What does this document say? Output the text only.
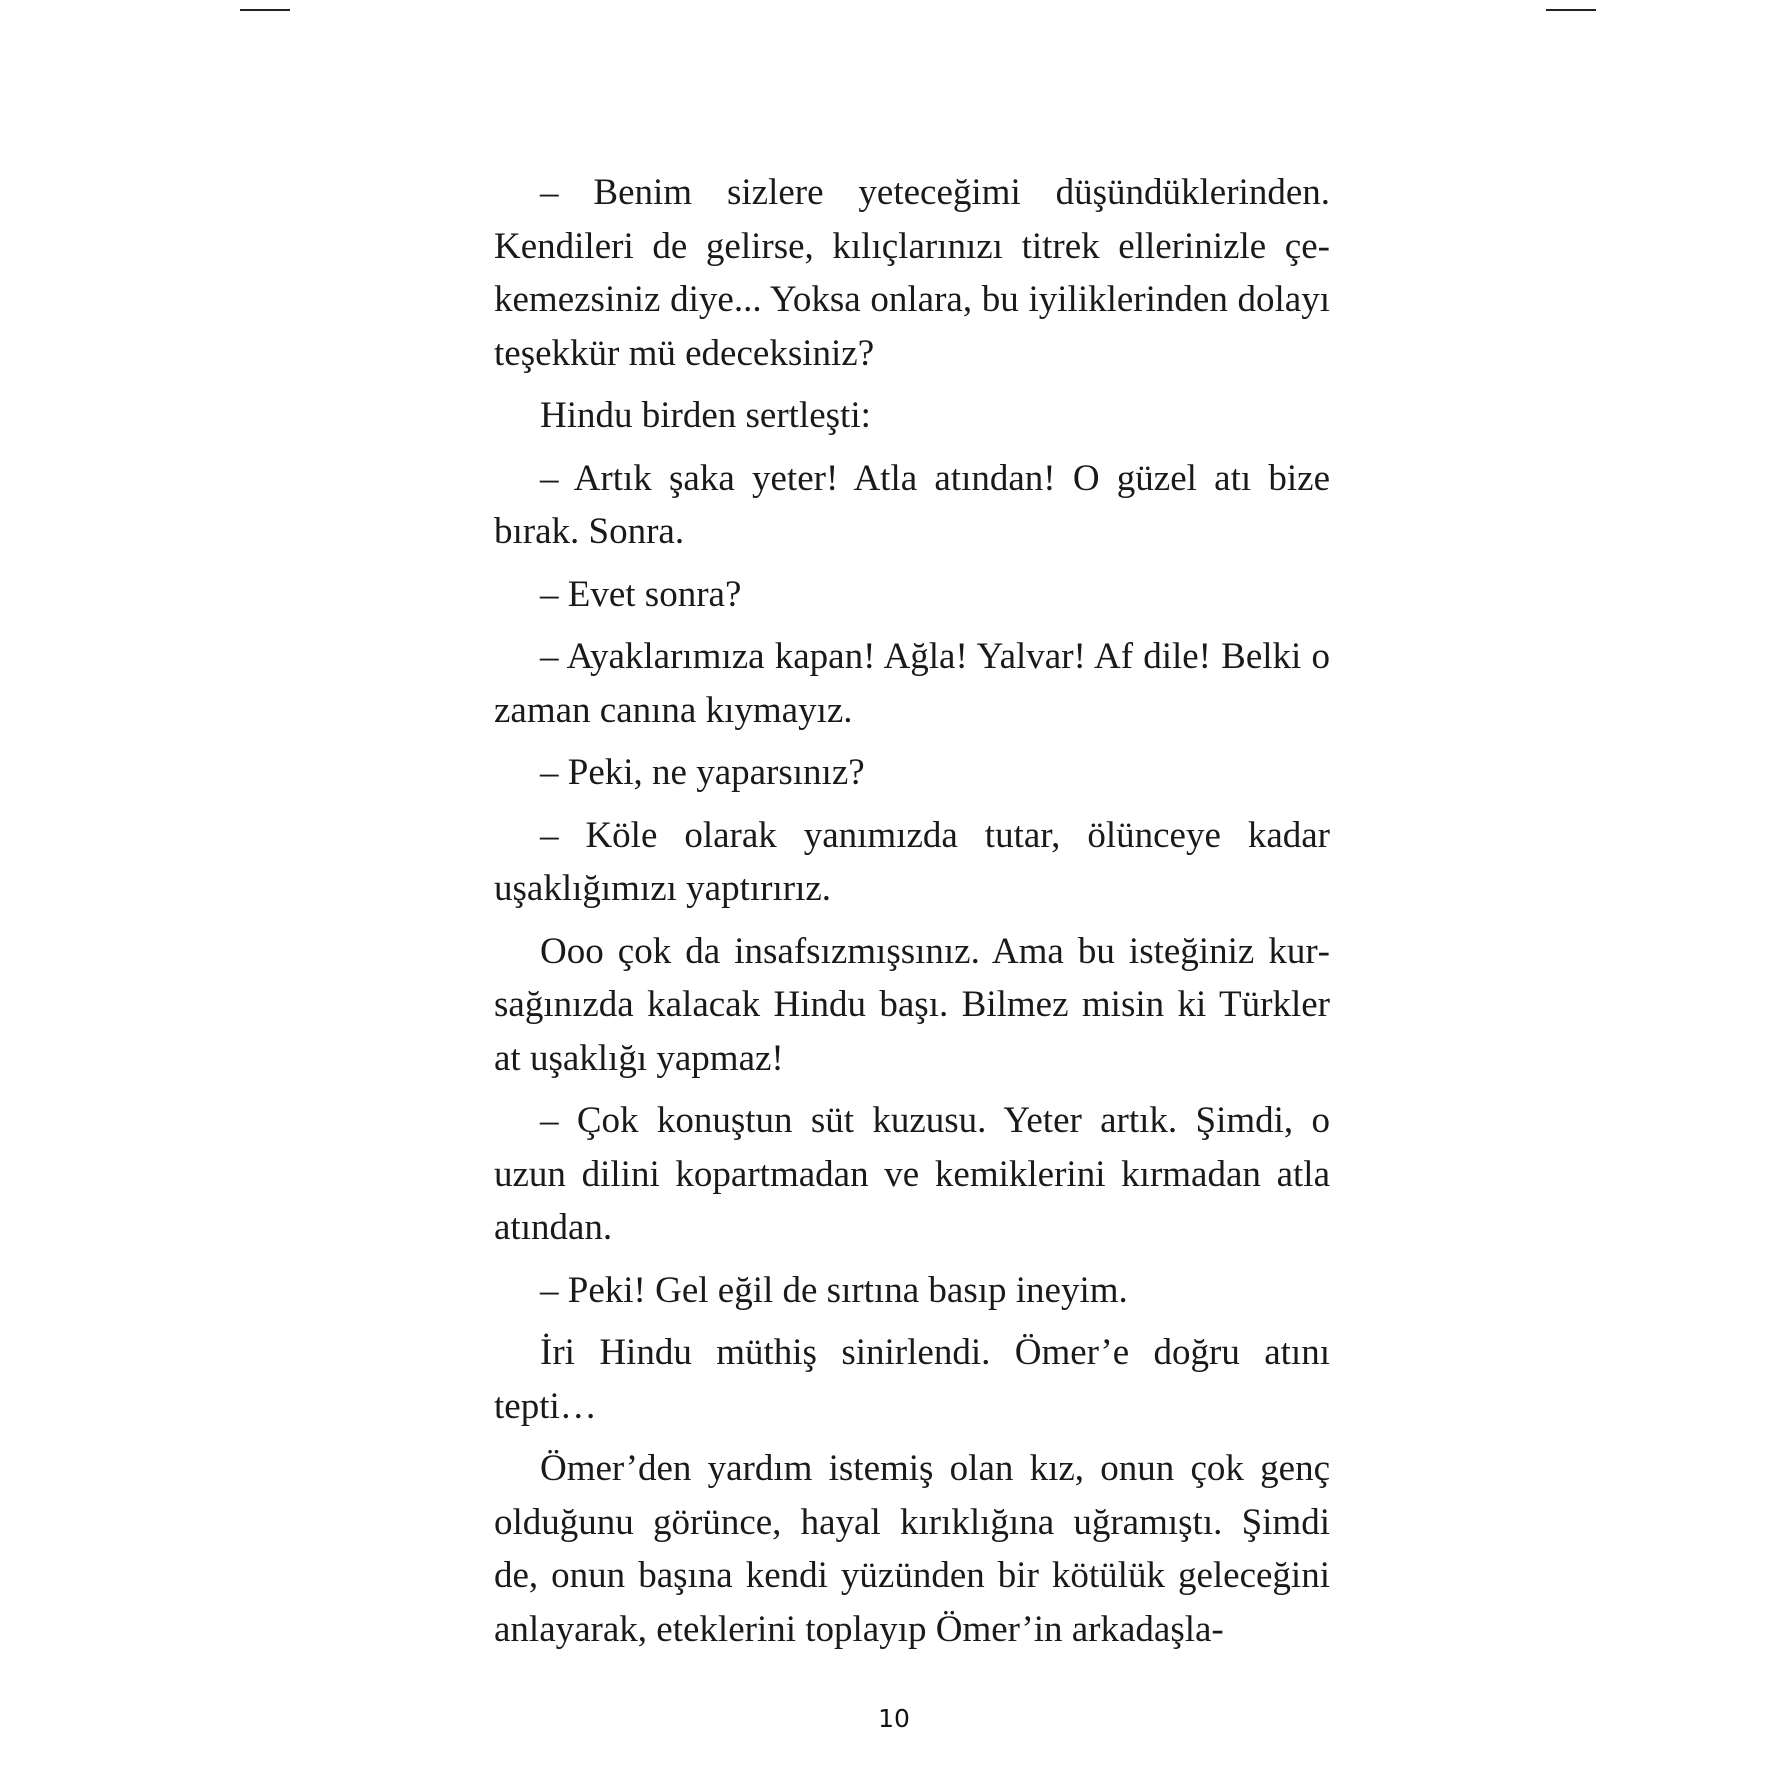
– Benim sizlere yeteceğimi düşündüklerinden. Kendileri de gelirse, kılıçlarınızı titrek ellerinizle çekemezsiniz diye... Yoksa onlara, bu iyiliklerinden dolayı teşekkür mü edeceksiniz?

Hindu birden sertleşti:

– Artık şaka yeter! Atla atından! O güzel atı bize bırak. Sonra.

– Evet sonra?

– Ayaklarımıza kapan! Ağla! Yalvar! Af dile! Belki o zaman canına kıymayız.

– Peki, ne yaparsınız?

– Köle olarak yanımızda tutar, ölünceye kadar uşaklığımızı yaptırırız.

Ooo çok da insafsızmışsınız. Ama bu isteğiniz kursağınızda kalacak Hindu başı. Bilmez misin ki Türkler at uşaklığı yapmaz!

– Çok konuştun süt kuzusu. Yeter artık. Şimdi, o uzun dilini kopartmadan ve kemiklerini kırmadan atla atından.

– Peki! Gel eğil de sırtına basıp ineyim.

İri Hindu müthiş sinirlendi. Ömer’e doğru atını tepti…

Ömer’den yardım istemiş olan kız, onun çok genç olduğunu görünce, hayal kırıklığına uğramıştı. Şimdi de, onun başına kendi yüzünden bir kötülük geleceğini anlayarak, eteklerini toplayıp Ömer’in arkadaşla-

10
